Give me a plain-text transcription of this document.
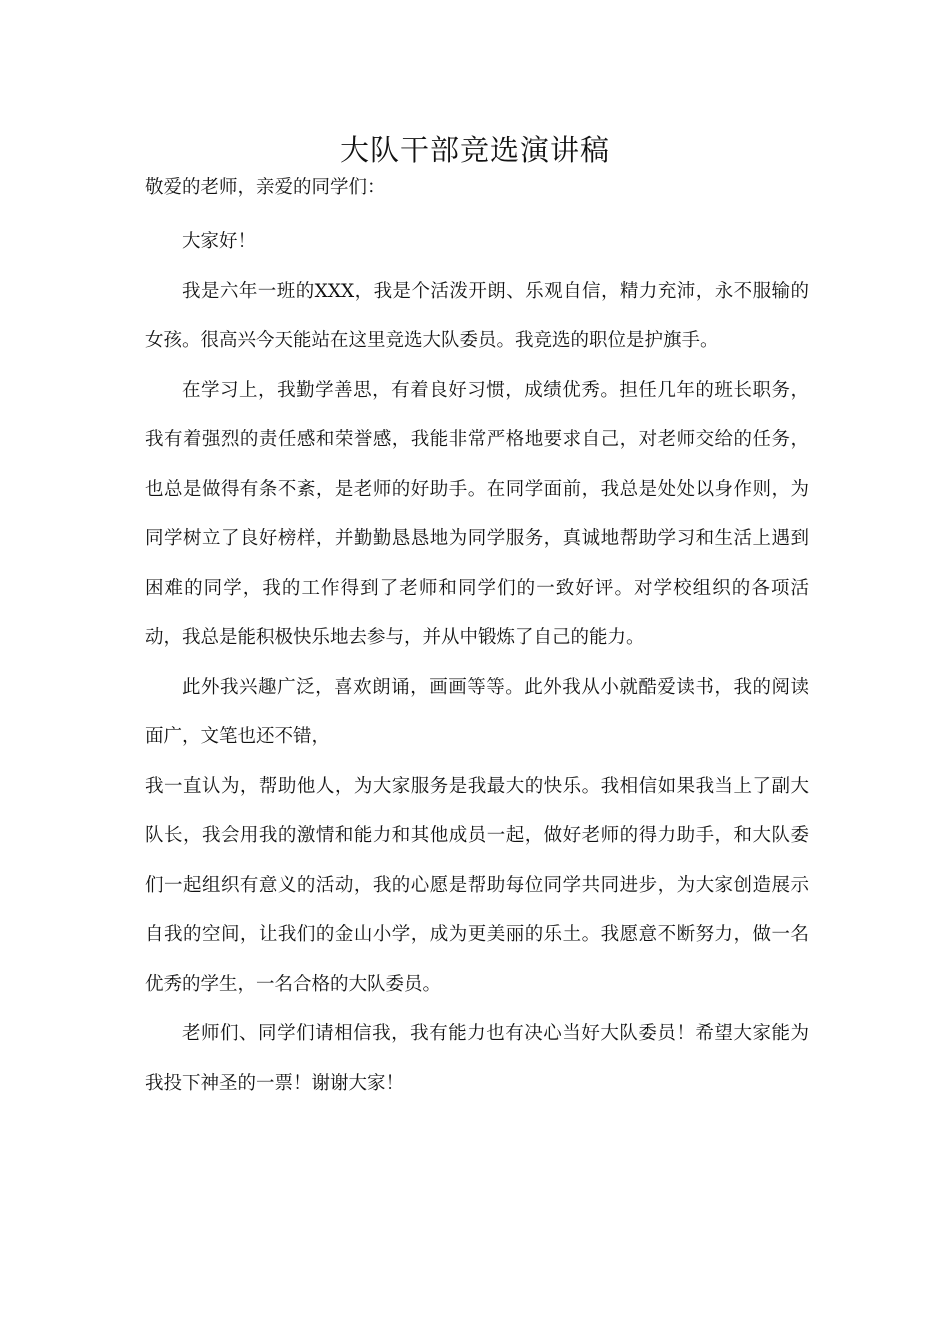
大队干部竞选演讲稿

敬爱的老师，亲爱的同学们：

大家好！

我是六年一班的XXX，我是个活泼开朗、乐观自信，精力充沛，永不服输的女孩。很高兴今天能站在这里竞选大队委员。我竞选的职位是护旗手。

在学习上，我勤学善思，有着良好习惯，成绩优秀。担任几年的班长职务，我有着强烈的责任感和荣誉感，我能非常严格地要求自己，对老师交给的任务，也总是做得有条不紊，是老师的好助手。在同学面前，我总是处处以身作则，为同学树立了良好榜样，并勤勤恳恳地为同学服务，真诚地帮助学习和生活上遇到困难的同学，我的工作得到了老师和同学们的一致好评。对学校组织的各项活动，我总是能积极快乐地去参与，并从中锻炼了自己的能力。

此外我兴趣广泛，喜欢朗诵，画画等等。此外我从小就酷爱读书，我的阅读面广，文笔也还不错，

我一直认为，帮助他人，为大家服务是我最大的快乐。我相信如果我当上了副大队长，我会用我的激情和能力和其他成员一起，做好老师的得力助手，和大队委们一起组织有意义的活动，我的心愿是帮助每位同学共同进步，为大家创造展示自我的空间，让我们的金山小学，成为更美丽的乐土。我愿意不断努力，做一名优秀的学生，一名合格的大队委员。

老师们、同学们请相信我，我有能力也有决心当好大队委员！希望大家能为我投下神圣的一票！谢谢大家！
